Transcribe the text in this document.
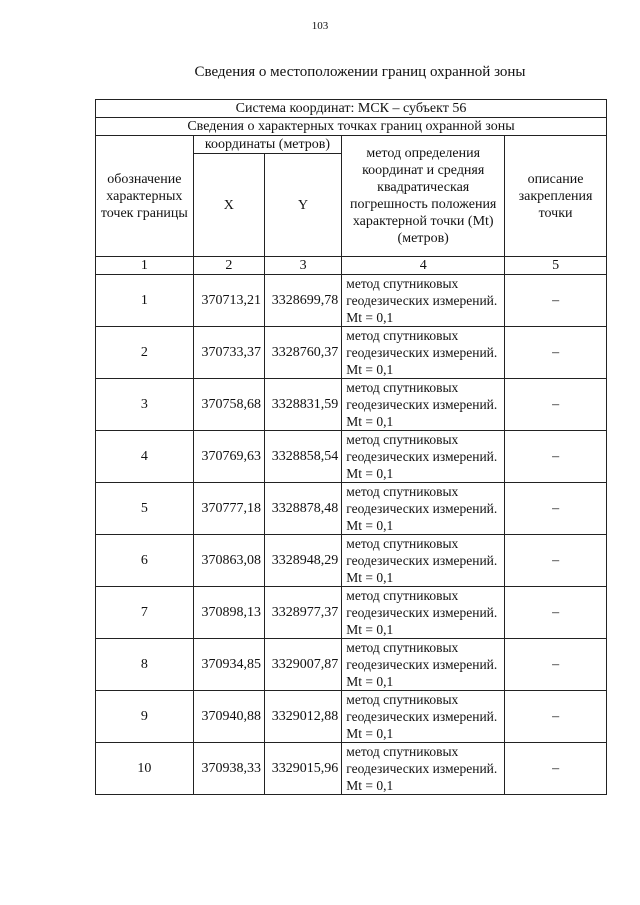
103
Сведения о местоположении границ охранной зоны
Система координат: МСК – субъект 56				
Сведения о характерных точках границ охранной зоны				
обозначение характерных точек границы	координаты (метров)		метод определения координат и средняя квадратическая погрешность положения характерной точки (Mt) (метров)	описание закрепления точки
	X	Y		
1	2	3	4	5
1	370713,21	3328699,78	метод спутниковых геодезических измерений. Mt = 0,1	–
2	370733,37	3328760,37	метод спутниковых геодезических измерений. Mt = 0,1	–
3	370758,68	3328831,59	метод спутниковых геодезических измерений. Mt = 0,1	–
4	370769,63	3328858,54	метод спутниковых геодезических измерений. Mt = 0,1	–
5	370777,18	3328878,48	метод спутниковых геодезических измерений. Mt = 0,1	–
6	370863,08	3328948,29	метод спутниковых геодезических измерений. Mt = 0,1	–
7	370898,13	3328977,37	метод спутниковых геодезических измерений. Mt = 0,1	–
8	370934,85	3329007,87	метод спутниковых геодезических измерений. Mt = 0,1	–
9	370940,88	3329012,88	метод спутниковых геодезических измерений. Mt = 0,1	–
10	370938,33	3329015,96	метод спутниковых геодезических измерений. Mt = 0,1	–
